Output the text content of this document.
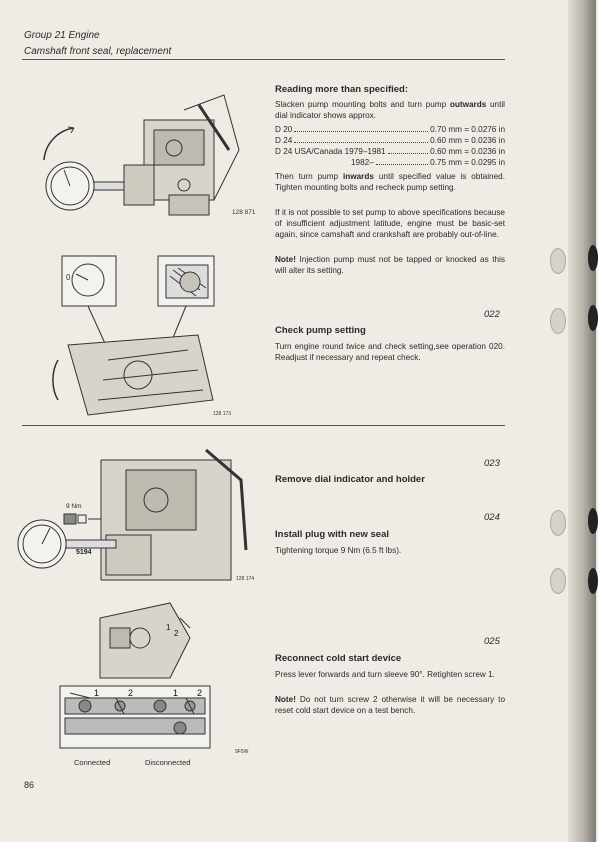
Group 21 Engine
Camshaft front seal, replacement
128 871
0
128 173
9 Nm
5194
128 174
1	2	1 2
1
2
9F5W
Connected	Disconnected
Reading more than specified:
Slacken pump mounting bolts and turn pump outwards until dial indicator shows approx.
D 20	0.70 mm = 0.0276 in
D 24	0.60 mm = 0.0236 in
D 24 USA/Canada 1979–1981	0.60 mm = 0.0236 in
1982–	0.75 mm = 0.0295 in
Then turn pump inwards until specified value is obtained. Tighten mounting bolts and recheck pump setting.
If it is not possible to set pump to above specifications because of insufficient adjustment latitude, engine must be basic-set again, since camshaft and crankshaft are probably out-of-line.
Note! Injection pump must not be tapped or knocked as this will alter its setting.
022
Check pump setting
Turn engine round twice and check setting,see operation 020. Readjust if necessary and repeat check.
023
Remove dial indicator and holder
024
Install plug with new seal
Tightening torque 9 Nm (6.5 ft lbs).
025
Reconnect cold start device
Press lever forwards and turn sleeve 90°. Retighten screw 1.
Note! Do not turn screw 2 otherwise it will be necessary to reset cold start device on a test bench.
86
